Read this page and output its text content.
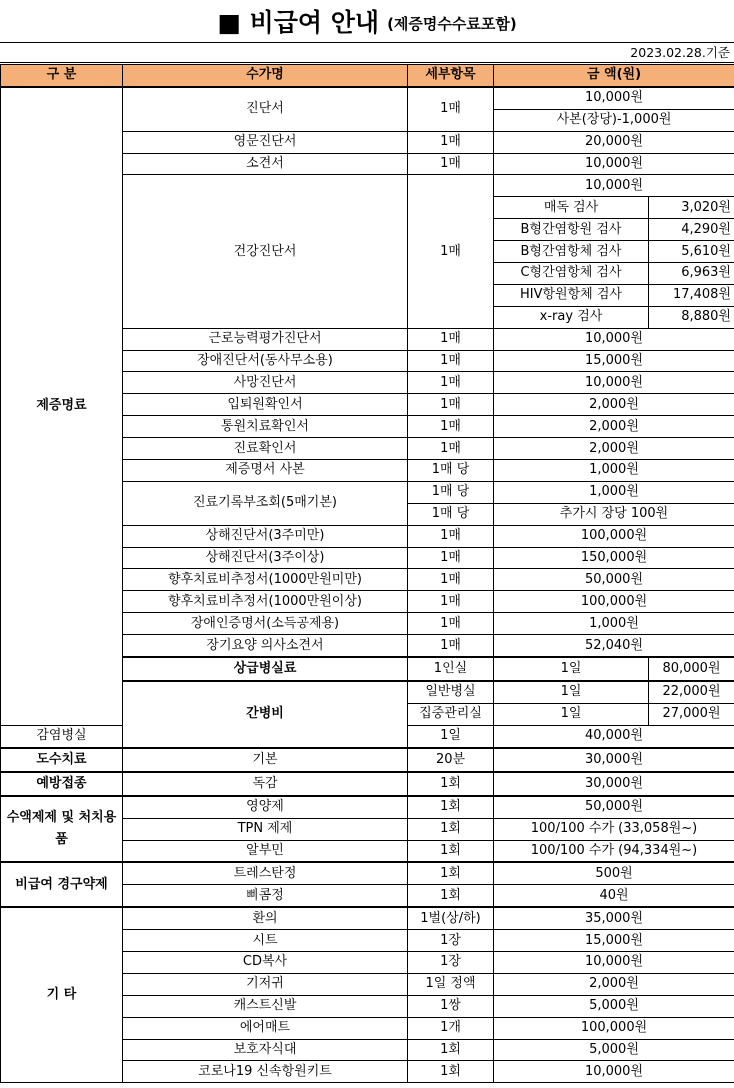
■ 비급여 안내 (제증명수수료포함)
2023.02.28.기준
구 분	수가명	세부항목	금 액(원)	
제증명료	진단서	1매	10,000원	
			사본(장당)-1,000원	
	영문진단서	1매	20,000원	
	소견서	1매	10,000원	
	건강진단서	1매	10,000원	
			매독 검사	3,020원
			B형간염항원 검사	4,290원
			B형간염항체 검사	5,610원
			C형간염항체 검사	6,963원
			HIV항원항체 검사	17,408원
			x-ray 검사	8,880원
	근로능력평가진단서	1매	10,000원	
	장애진단서(동사무소용)	1매	15,000원	
	사망진단서	1매	10,000원	
	입퇴원확인서	1매	2,000원	
	통원치료확인서	1매	2,000원	
	진료확인서	1매	2,000원	
	제증명서 사본	1매 당	1,000원	
	진료기록부조회(5매기본)	1매 당	1,000원	
		1매 당	추가시 장당 100원	
	상해진단서(3주미만)	1매	100,000원	
	상해진단서(3주이상)	1매	150,000원	
	향후치료비추정서(1000만원미만)	1매	50,000원	
	향후치료비추정서(1000만원이상)	1매	100,000원	
	장애인증명서(소득공제용)	1매	1,000원	
	장기요양 의사소견서	1매	52,040원	
	상급병실료	1인실	1일	80,000원
	간병비	일반병실	1일	22,000원
		집중관리실	1일	27,000원
감염병실		1일	40,000원	
도수치료	기본	20분	30,000원	
예방접종	독감	1회	30,000원	
수액제제 및 처치용품	영양제	1회	50,000원	
	TPN 제제	1회	100/100 수가 (33,058원~)	
	알부민	1회	100/100 수가 (94,334원~)	
비급여 경구약제	트레스탄정	1회	500원	
	삐콤정	1회	40원	
기 타	환의	1벌(상/하)	35,000원	
	시트	1장	15,000원	
	CD복사	1장	10,000원	
	기저귀	1일 정액	2,000원	
	캐스트신발	1쌍	5,000원	
	에어매트	1개	100,000원	
	보호자식대	1회	5,000원	
	코로나19 신속항원키트	1회	10,000원	
